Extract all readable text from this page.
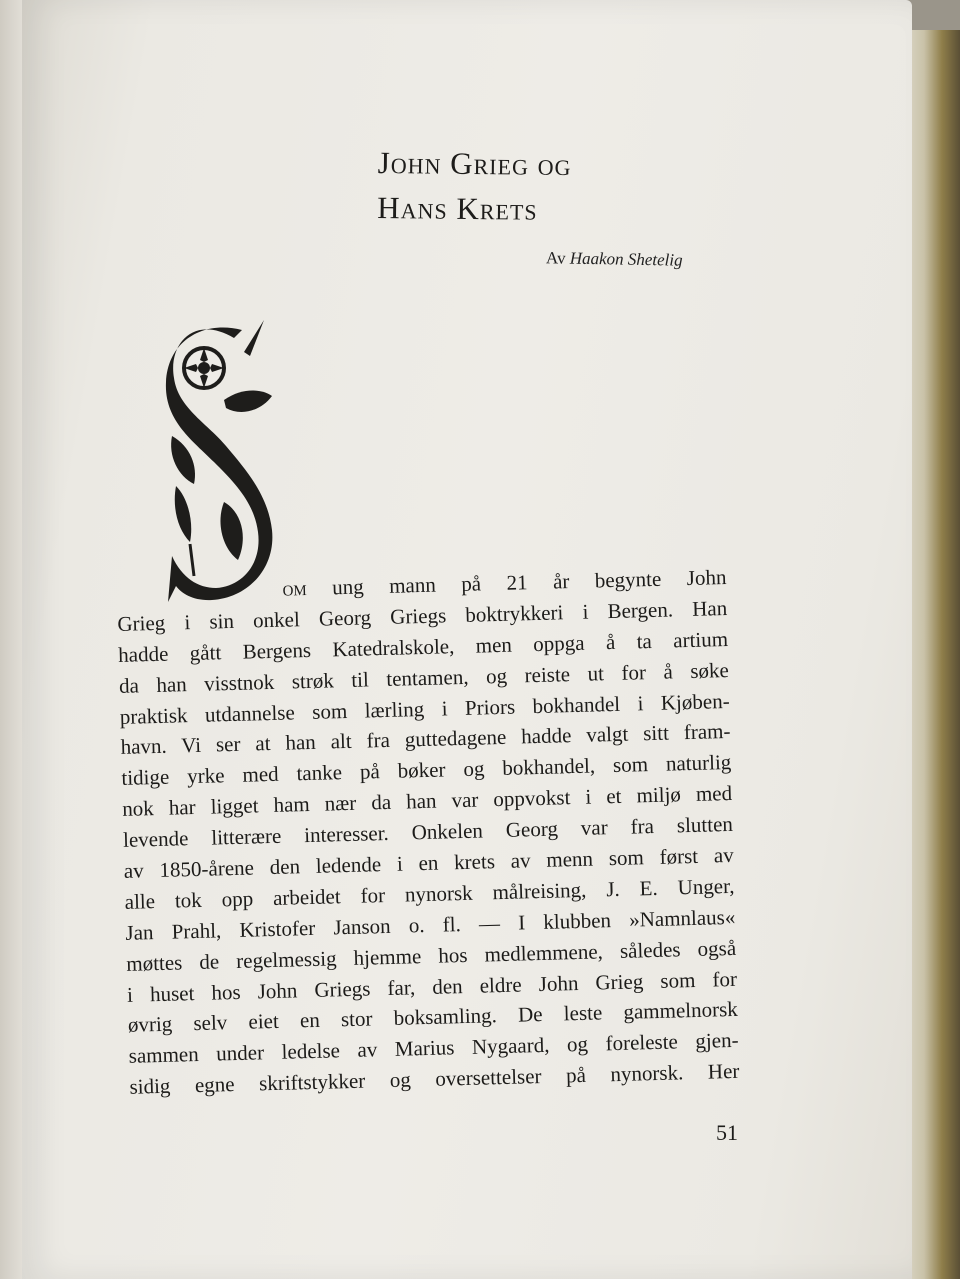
John Grieg og
Hans Krets
Av Haakon Shetelig
om ung mann på 21 år begynte John
Grieg i sin onkel Georg Griegs boktrykkeri i Bergen. Han
hadde gått Bergens Katedralskole, men oppga å ta artium
da han visstnok strøk til tentamen, og reiste ut for å søke
praktisk utdannelse som lærling i Priors bokhandel i Kjøben-
havn. Vi ser at han alt fra guttedagene hadde valgt sitt fram-
tidige yrke med tanke på bøker og bokhandel, som naturlig
nok har ligget ham nær da han var oppvokst i et miljø med
levende litterære interesser. Onkelen Georg var fra slutten
av 1850-årene den ledende i en krets av menn som først av
alle tok opp arbeidet for nynorsk målreising, J. E. Unger,
Jan Prahl, Kristofer Janson o. fl. — I klubben »Namnlaus«
møttes de regelmessig hjemme hos medlemmene, således også
i huset hos John Griegs far, den eldre John Grieg som for
øvrig selv eiet en stor boksamling. De leste gammelnorsk
sammen under ledelse av Marius Nygaard, og foreleste gjen-
sidig egne skriftstykker og oversettelser på nynorsk. Her
51
